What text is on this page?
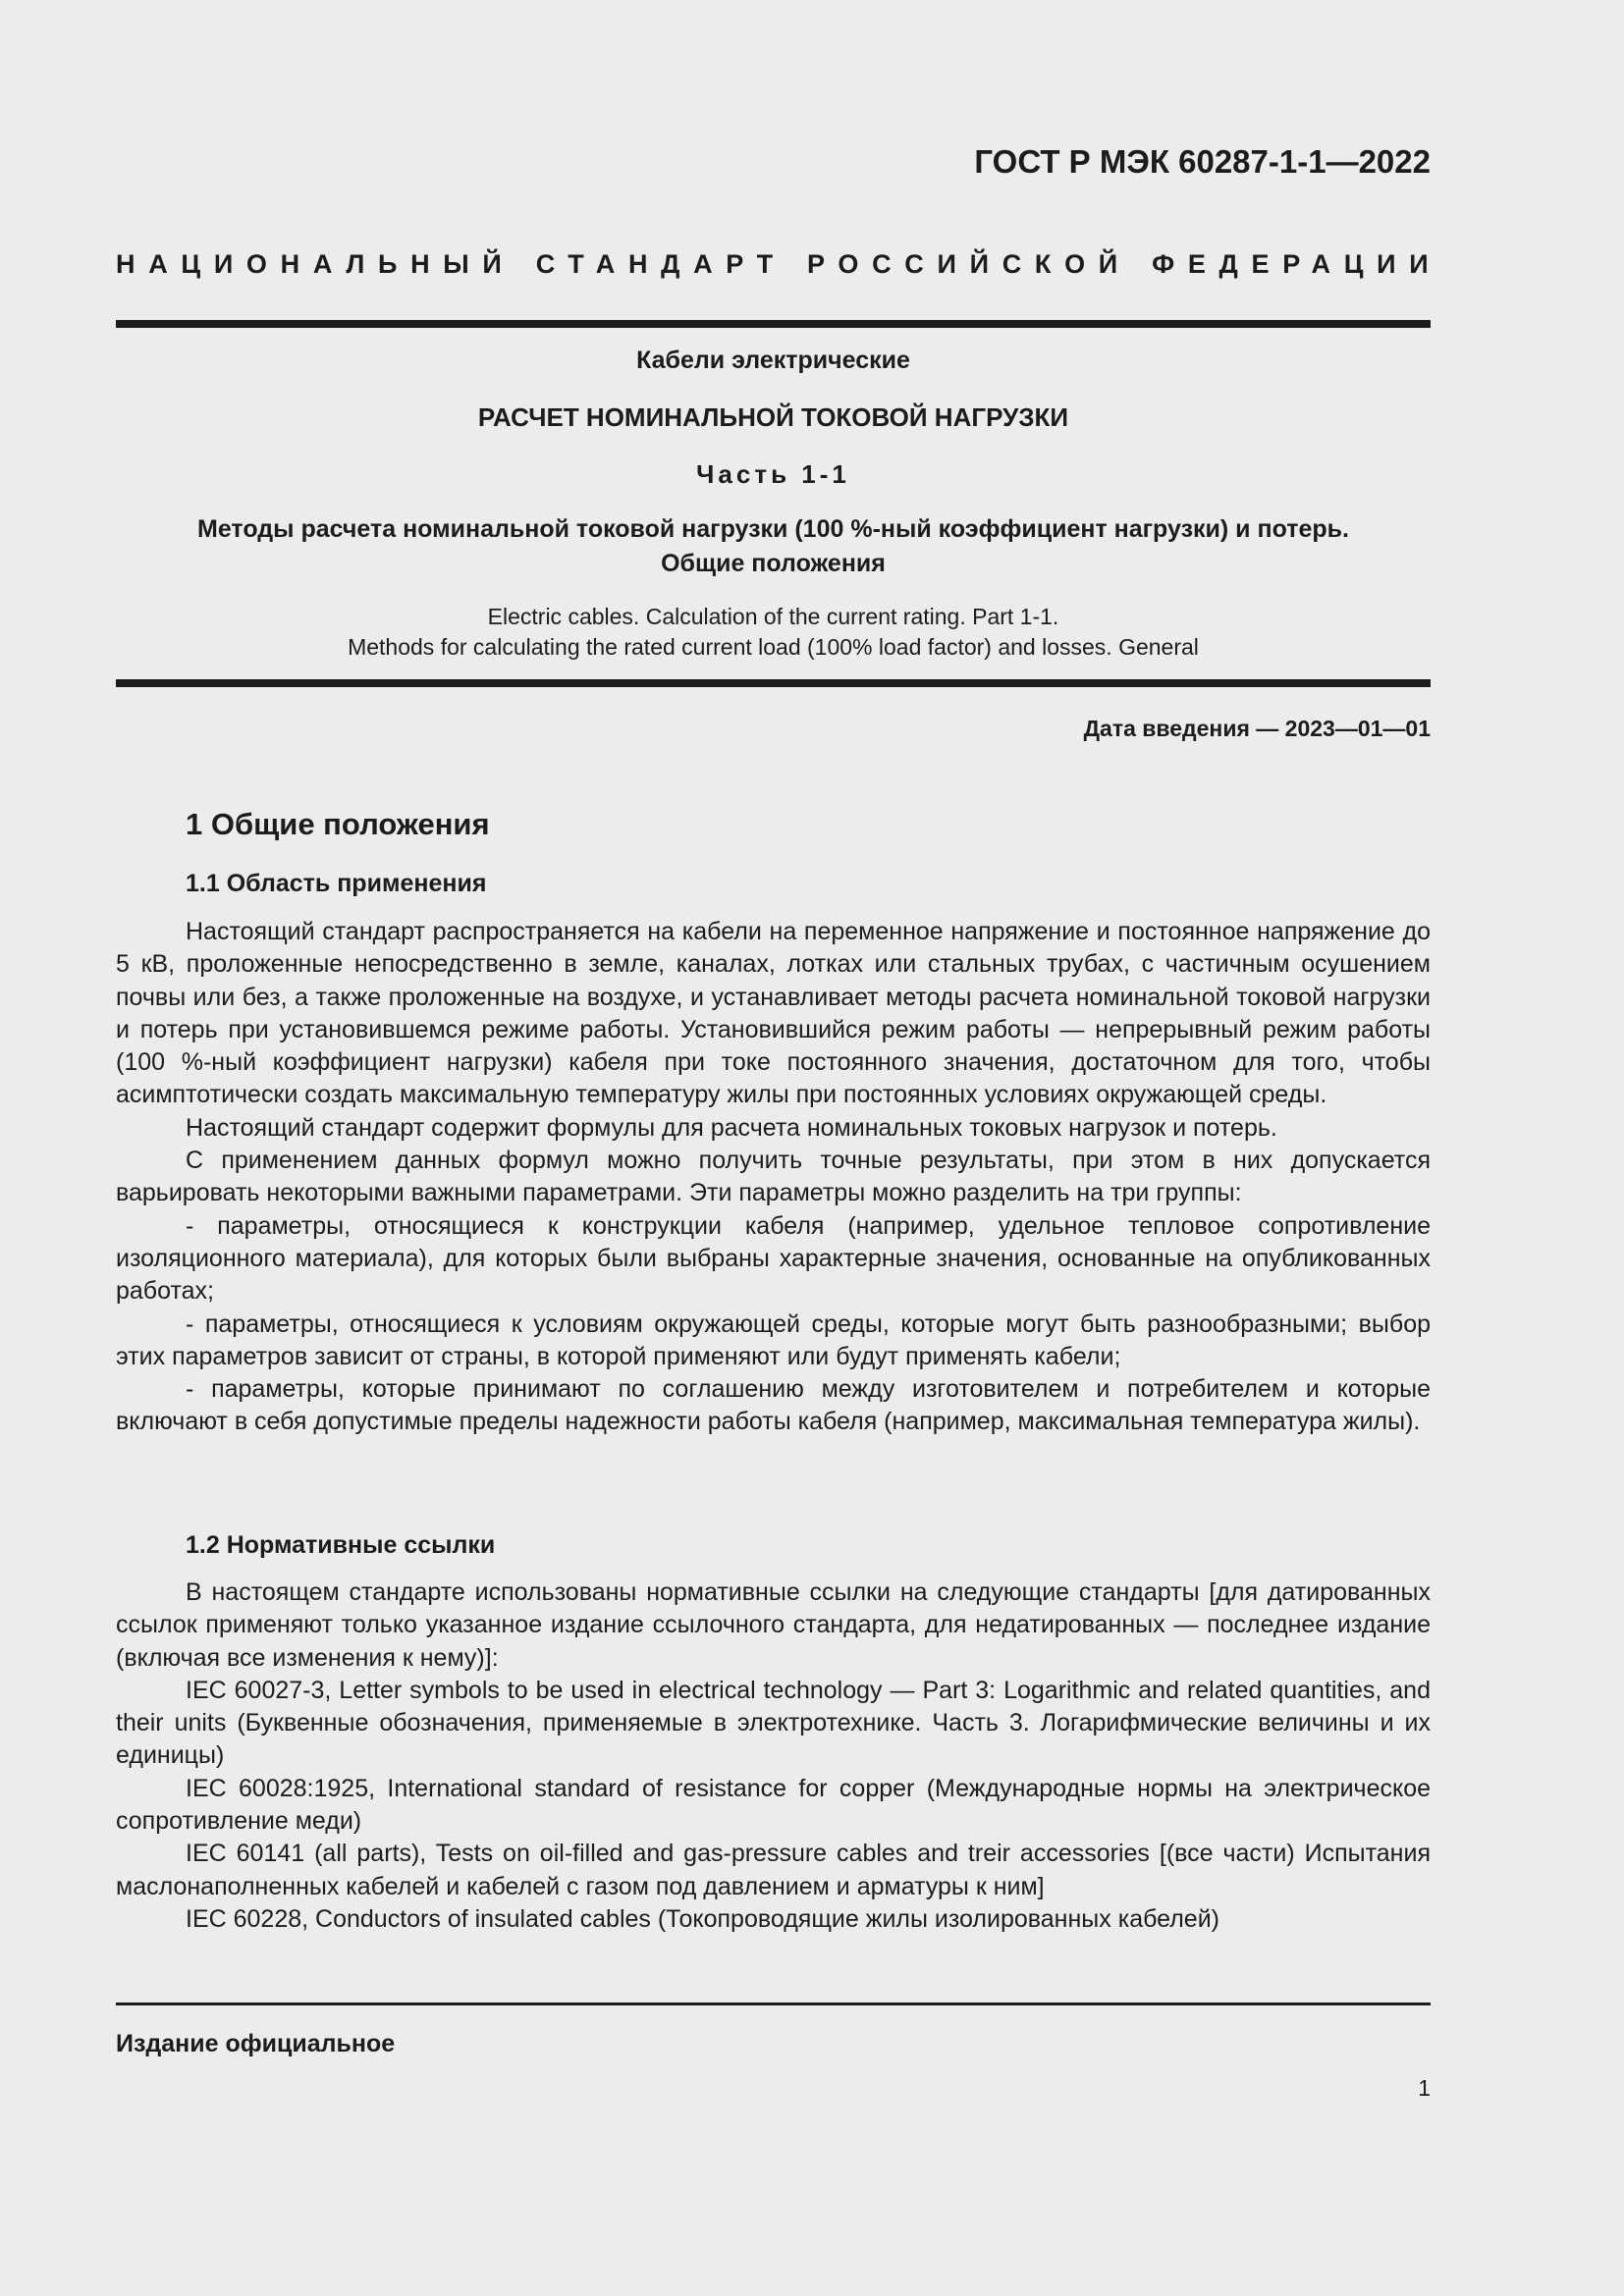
ГОСТ Р МЭК 60287-1-1—2022
НАЦИОНАЛЬНЫЙ СТАНДАРТ РОССИЙСКОЙ ФЕДЕРАЦИИ
Кабели электрические
РАСЧЕТ НОМИНАЛЬНОЙ ТОКОВОЙ НАГРУЗКИ
Часть 1-1
Методы расчета номинальной токовой нагрузки (100 %-ный коэффициент нагрузки) и потерь.
Общие положения
Electric cables. Calculation of the current rating. Part 1-1.
Methods for calculating the rated current load (100% load factor) and losses. General
Дата введения — 2023—01—01
1 Общие положения
1.1 Область применения

Настоящий стандарт распространяется на кабели на переменное напряжение и постоянное напряжение до 5 кВ, проложенные непосредственно в земле, каналах, лотках или стальных трубах, с частичным осушением почвы или без, а также проложенные на воздухе, и устанавливает методы расчета номинальной токовой нагрузки и потерь при установившемся режиме работы. Установившийся режим работы — непрерывный режим работы (100 %-ный коэффициент нагрузки) кабеля при токе постоянного значения, достаточном для того, чтобы асимптотически создать максимальную температуру жилы при постоянных условиях окружающей среды.

Настоящий стандарт содержит формулы для расчета номинальных токовых нагрузок и потерь.

С применением данных формул можно получить точные результаты, при этом в них допускается варьировать некоторыми важными параметрами. Эти параметры можно разделить на три группы:

- параметры, относящиеся к конструкции кабеля (например, удельное тепловое сопротивление изоляционного материала), для которых были выбраны характерные значения, основанные на опубликованных работах;

- параметры, относящиеся к условиям окружающей среды, которые могут быть разнообразными; выбор этих параметров зависит от страны, в которой применяют или будут применять кабели;

- параметры, которые принимают по соглашению между изготовителем и потребителем и которые включают в себя допустимые пределы надежности работы кабеля (например, максимальная температура жилы).

1.2 Нормативные ссылки

В настоящем стандарте использованы нормативные ссылки на следующие стандарты [для датированных ссылок применяют только указанное издание ссылочного стандарта, для недатированных — последнее издание (включая все изменения к нему)]:

IEC 60027-3, Letter symbols to be used in electrical technology — Part 3: Logarithmic and related quantities, and their units (Буквенные обозначения, применяемые в электротехнике. Часть 3. Логарифмические величины и их единицы)

IEC 60028:1925, International standard of resistance for copper (Международные нормы на электрическое сопротивление меди)

IEC 60141 (all parts), Tests on oil-filled and gas-pressure cables and treir accessories [(все части) Испытания маслонаполненных кабелей и кабелей с газом под давлением и арматуры к ним]

IEC 60228, Conductors of insulated cables (Токопроводящие жилы изолированных кабелей)

Издание официальное
1
